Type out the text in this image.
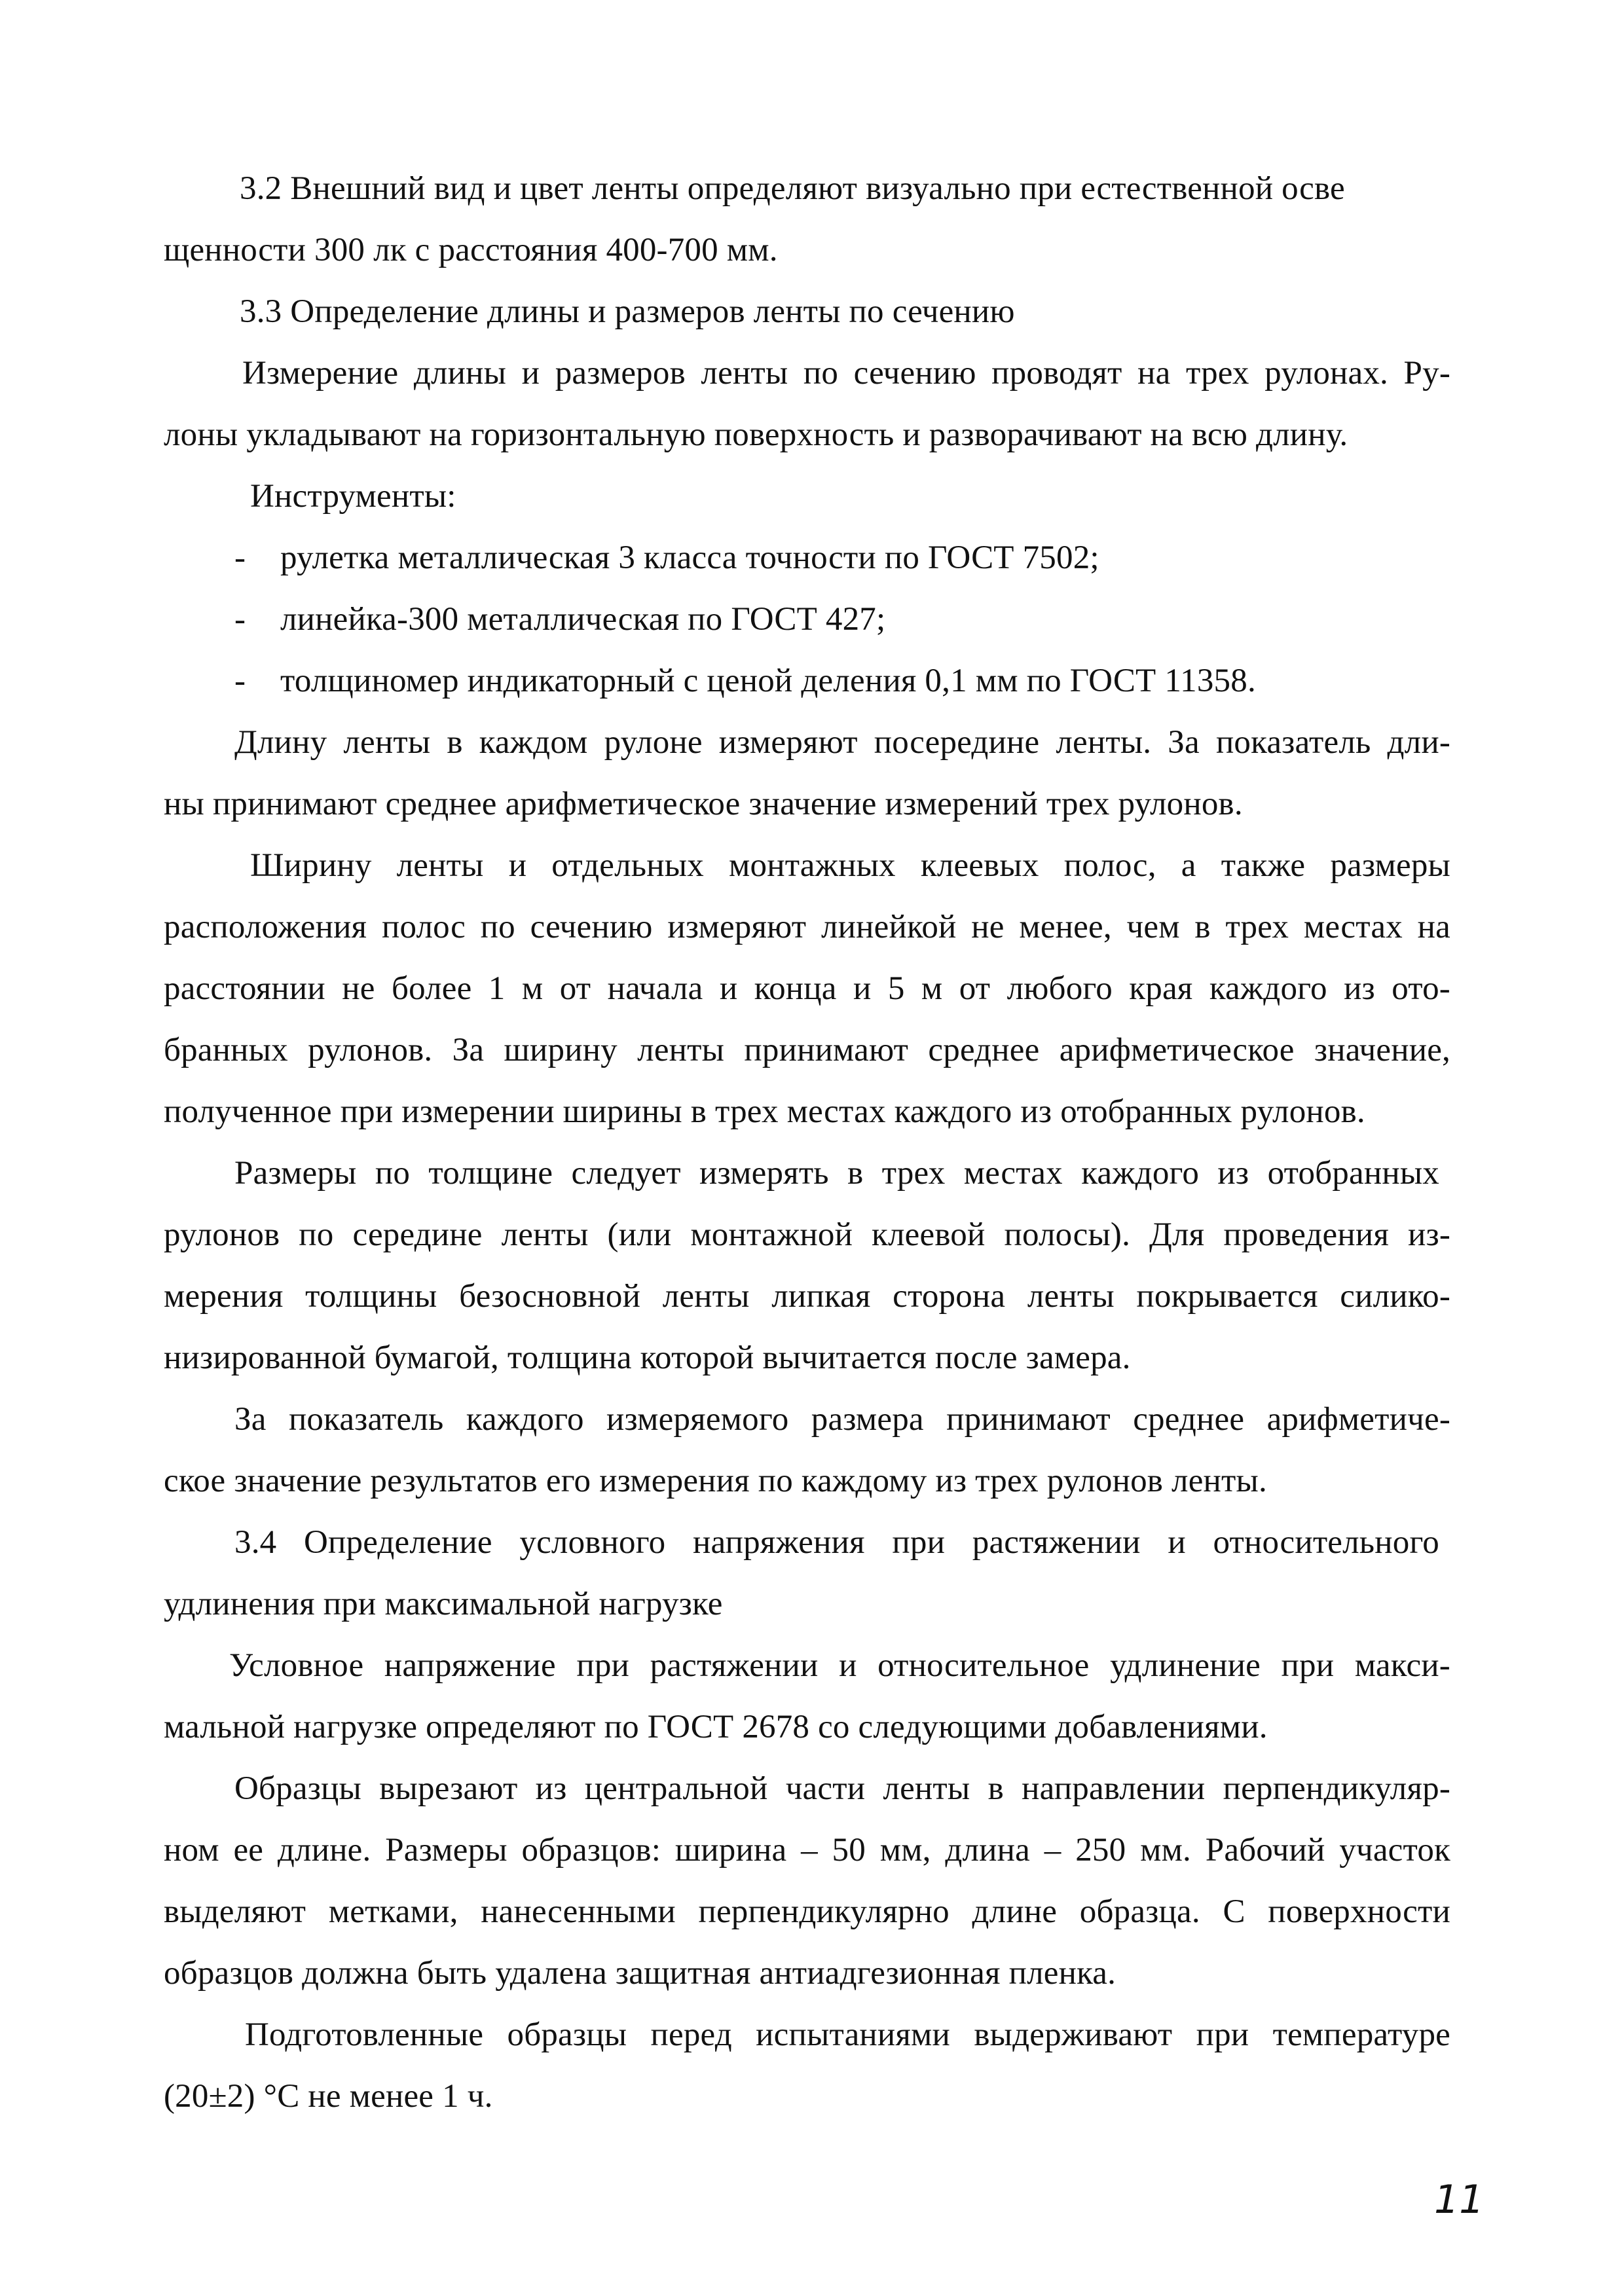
3.2 Внешний вид и цвет ленты определяют визуально при естественной осве
щенности 300 лк с расстояния 400-700 мм.
3.3 Определение длины и размеров ленты по сечению
Измерение длины и размеров ленты по сечению проводят на трех рулонах. Ру-
лоны укладывают на горизонтальную поверхность и разворачивают на всю длину.
Инструменты:
- рулетка металлическая 3 класса точности по ГОСТ 7502;
- линейка-300 металлическая по ГОСТ 427;
- толщиномер индикаторный с ценой деления 0,1 мм по ГОСТ 11358.
Длину ленты в каждом рулоне измеряют посередине ленты. За показатель дли-
ны принимают среднее арифметическое значение измерений трех рулонов.
Ширину ленты и отдельных монтажных клеевых полос, а также размеры
расположения полос по сечению измеряют линейкой не менее, чем в трех местах на
расстоянии не более 1 м от начала и конца и 5 м от любого края каждого из ото-
бранных рулонов. За ширину ленты принимают среднее арифметическое значение,
полученное при измерении ширины в трех местах каждого из отобранных рулонов.
Размеры по толщине следует измерять в трех местах каждого из отобранных
рулонов по середине ленты (или монтажной клеевой полосы). Для проведения из-
мерения толщины безосновной ленты липкая сторона ленты покрывается силико-
низированной бумагой, толщина которой вычитается после замера.
За показатель каждого измеряемого размера принимают среднее арифметиче-
ское значение результатов его измерения по каждому из трех рулонов ленты.
3.4 Определение условного напряжения при растяжении и относительного
удлинения при максимальной нагрузке
Условное напряжение при растяжении и относительное удлинение при макси-
мальной нагрузке определяют по ГОСТ 2678 со следующими добавлениями.
Образцы вырезают из центральной части ленты в направлении перпендикуляр-
ном ее длине. Размеры образцов: ширина – 50 мм, длина – 250 мм. Рабочий участок
выделяют метками, нанесенными перпендикулярно длине образца. С поверхности
образцов должна быть удалена защитная антиадгезионная пленка.
Подготовленные образцы перед испытаниями выдерживают при температуре
(20±2) °С не менее 1 ч.
11
